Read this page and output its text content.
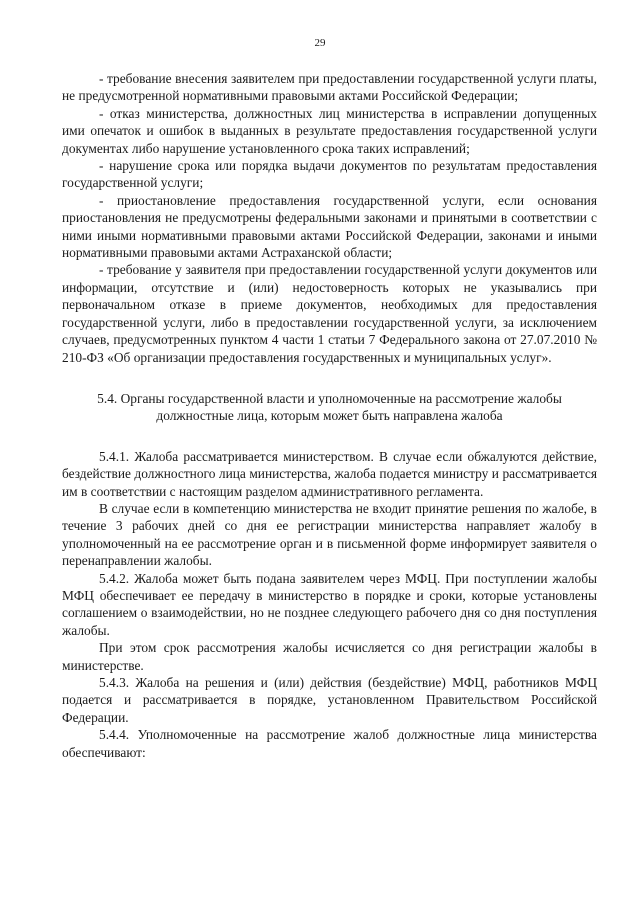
29

- требование внесения заявителем при предоставлении государственной услуги платы, не предусмотренной нормативными правовыми актами Российской Федерации;

- отказ министерства, должностных лиц министерства в исправлении допущенных ими опечаток и ошибок в выданных в результате предоставления государственной услуги документах либо нарушение установленного срока таких исправлений;

- нарушение срока или порядка выдачи документов по результатам предоставления государственной услуги;

- приостановление предоставления государственной услуги, если основания приостановления не предусмотрены федеральными законами и принятыми в соответствии с ними иными нормативными правовыми актами Российской Федерации, законами и иными нормативными правовыми актами Астраханской области;

- требование у заявителя при предоставлении государственной услуги документов или информации, отсутствие и (или) недостоверность которых не указывались при первоначальном отказе в приеме документов, необходимых для предоставления государственной услуги, либо в предоставлении государственной услуги, за исключением случаев, предусмотренных пунктом 4 части 1 статьи 7 Федерального закона от 27.07.2010 № 210-ФЗ «Об организации предоставления государственных и муниципальных услуг».

5.4. Органы государственной власти и уполномоченные на рассмотрение жалобы должностные лица, которым может быть направлена жалоба

5.4.1. Жалоба рассматривается министерством. В случае если обжалуются действие, бездействие должностного лица министерства, жалоба подается министру и рассматривается им в соответствии с настоящим разделом административного регламента.

В случае если в компетенцию министерства не входит принятие решения по жалобе, в течение 3 рабочих дней со дня ее регистрации министерства направляет жалобу в уполномоченный на ее рассмотрение орган и в письменной форме информирует заявителя о перенаправлении жалобы.

5.4.2. Жалоба может быть подана заявителем через МФЦ. При поступлении жалобы МФЦ обеспечивает ее передачу в министерство в порядке и сроки, которые установлены соглашением о взаимодействии, но не позднее следующего рабочего дня со дня поступления жалобы.

При этом срок рассмотрения жалобы исчисляется со дня регистрации жалобы в министерстве.

5.4.3. Жалоба на решения и (или) действия (бездействие) МФЦ, работников МФЦ подается и рассматривается в порядке, установленном Правительством Российской Федерации.

5.4.4. Уполномоченные на рассмотрение жалоб должностные лица министерства обеспечивают:
